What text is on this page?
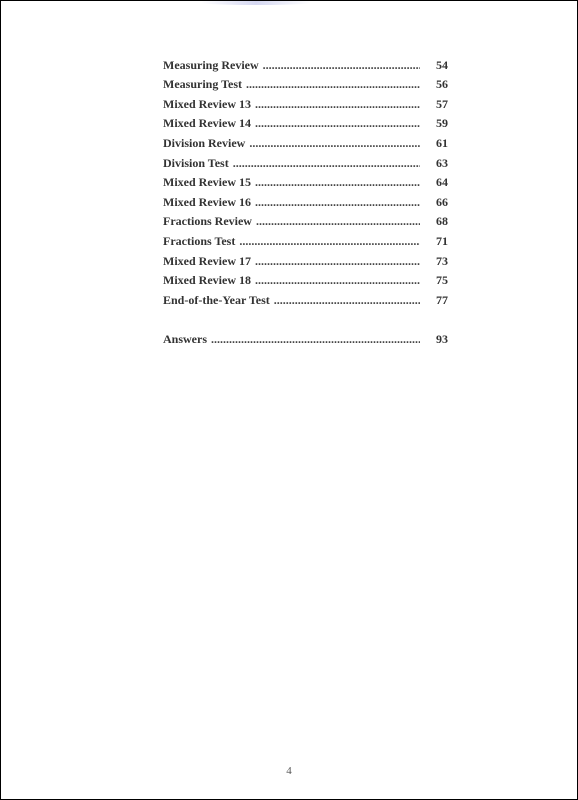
Measuring Review .....	54
Measuring Test .....	56
Mixed Review 13 .....	57
Mixed Review 14 .....	59
Division Review .....	61
Division Test .....	63
Mixed Review 15 .....	64
Mixed Review 16 .....	66
Fractions Review .....	68
Fractions Test .....	71
Mixed Review 17 .....	73
Mixed Review 18 .....	75
End-of-the-Year Test .....	77
Answers .....	93
4
